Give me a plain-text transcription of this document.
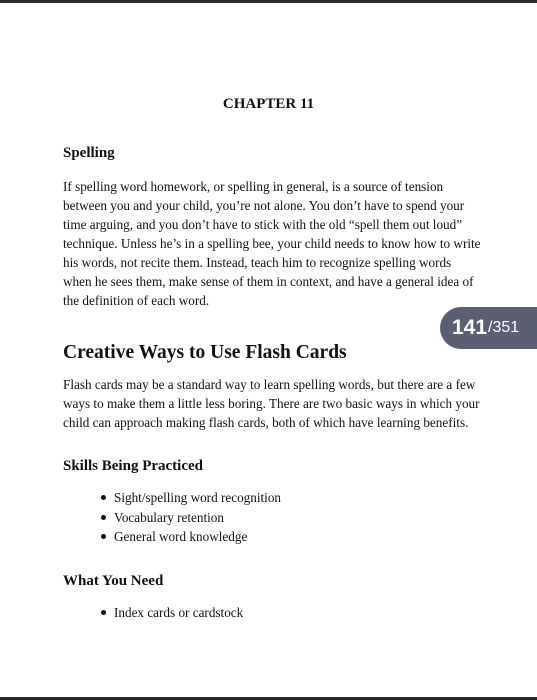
CHAPTER 11
Spelling

If spelling word homework, or spelling in general, is a source of tension between you and your child, you’re not alone. You don’t have to spend your time arguing, and you don’t have to stick with the old “spell them out loud” technique. Unless he’s in a spelling bee, your child needs to know how to write his words, not recite them. Instead, teach him to recognize spelling words when he sees them, make sense of them in context, and have a general idea of the definition of each word.

141 /351
Creative Ways to Use Flash Cards

Flash cards may be a standard way to learn spelling words, but there are a few ways to make them a little less boring. There are two basic ways in which your child can approach making flash cards, both of which have learning benefits.

Skills Being Practiced
Sight/spelling word recognition
Vocabulary retention
General word knowledge
What You Need
Index cards or cardstock
